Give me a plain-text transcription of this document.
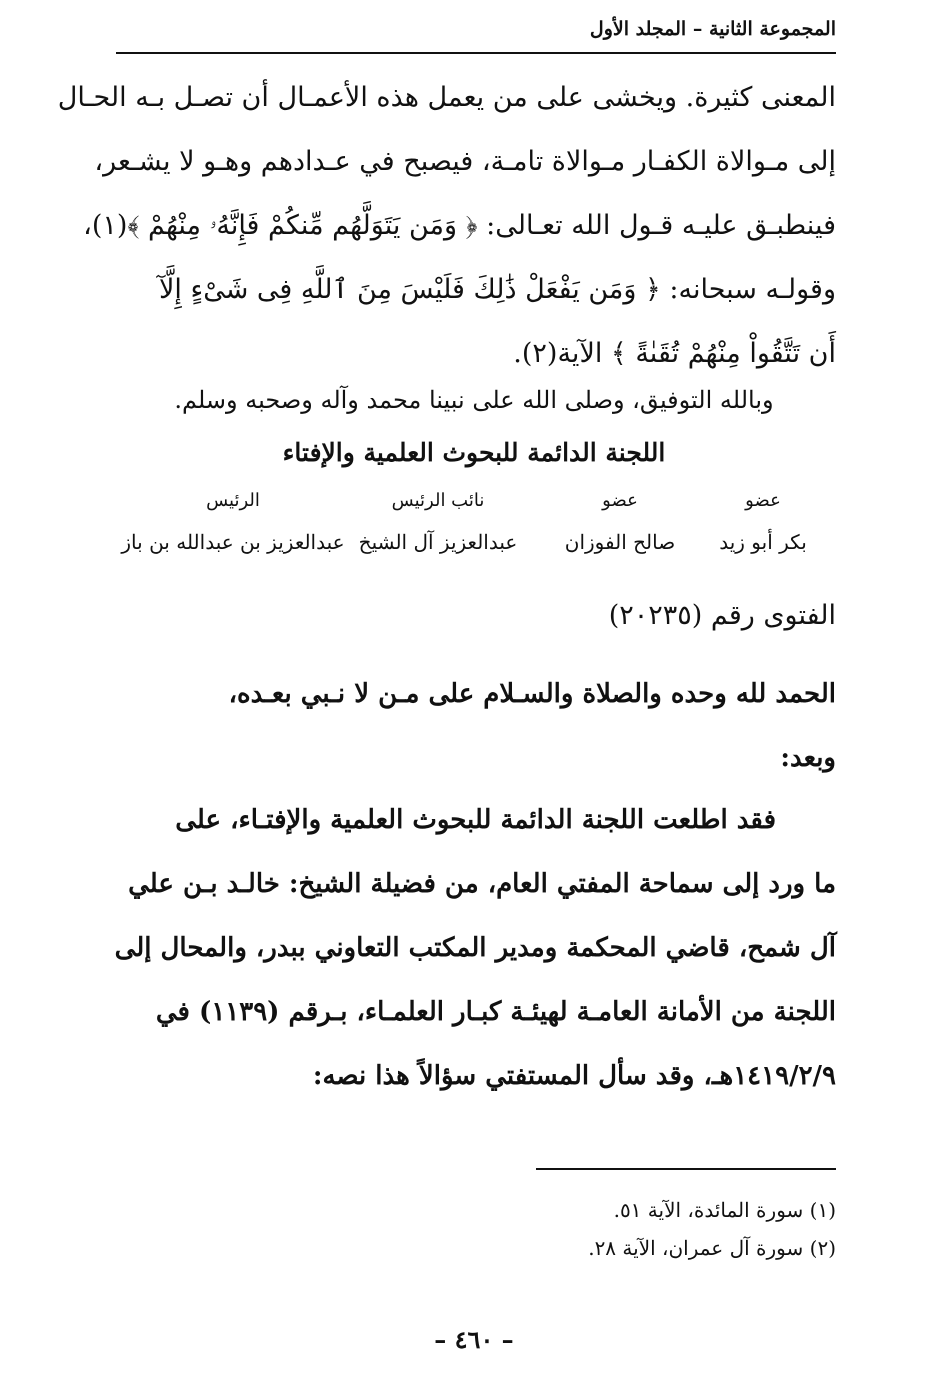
المجموعة الثانية – المجلد الأول

المعنى كثيرة. ويخشى على من يعمل هذه الأعمـال أن تصـل بـه الحـال

إلى مـوالاة الكفـار مـوالاة تامـة، فيصبح في عـدادهم وهـو لا يشـعر،

فينطبـق عليـه قـول الله تعـالى: ﴿ وَمَن يَتَوَلَّهُم مِّنكُمْ فَإِنَّهُۥ مِنْهُمْ ﴾(١)،

وقولـه سبحانه: ﴿ وَمَن يَفْعَلْ ذَٰلِكَ فَلَيْسَ مِنَ ٱللَّهِ فِى شَىْءٍ إِلَّآ

أَن تَتَّقُواْ مِنْهُمْ تُقَىٰةً ﴾ الآية(٢).

وبالله التوفيق، وصلى الله على نبينا محمد وآله وصحبه وسلم.
اللجنة الدائمة للبحوث العلمية والإفتاء
عضو
بكر أبو زيد
عضو
صالح الفوزان
نائب الرئيس
عبدالعزيز آل الشيخ
الرئيس
عبدالعزيز بن عبدالله بن باز
الفتوى رقم (٢٠٢٣٥)

الحمد لله وحده والصلاة والسـلام على مـن لا نـبي بعـده،

وبعد:

فقد اطلعت اللجنة الدائمة للبحوث العلمية والإفتـاء، على

ما ورد إلى سماحة المفتي العام، من فضيلة الشيخ: خالـد بـن علي

آل شمح، قاضي المحكمة ومدير المكتب التعاوني ببدر، والمحال إلى

اللجنة من الأمانة العامـة لهيئـة كبـار العلمـاء، بـرقم (١١٣٩) في

١٤١٩/٢/٩هـ، وقد سأل المستفتي سؤالاً هذا نصه:

(١) سورة المائدة، الآية ٥١.
(٢) سورة آل عمران، الآية ٢٨.
– ٤٦٠ –
